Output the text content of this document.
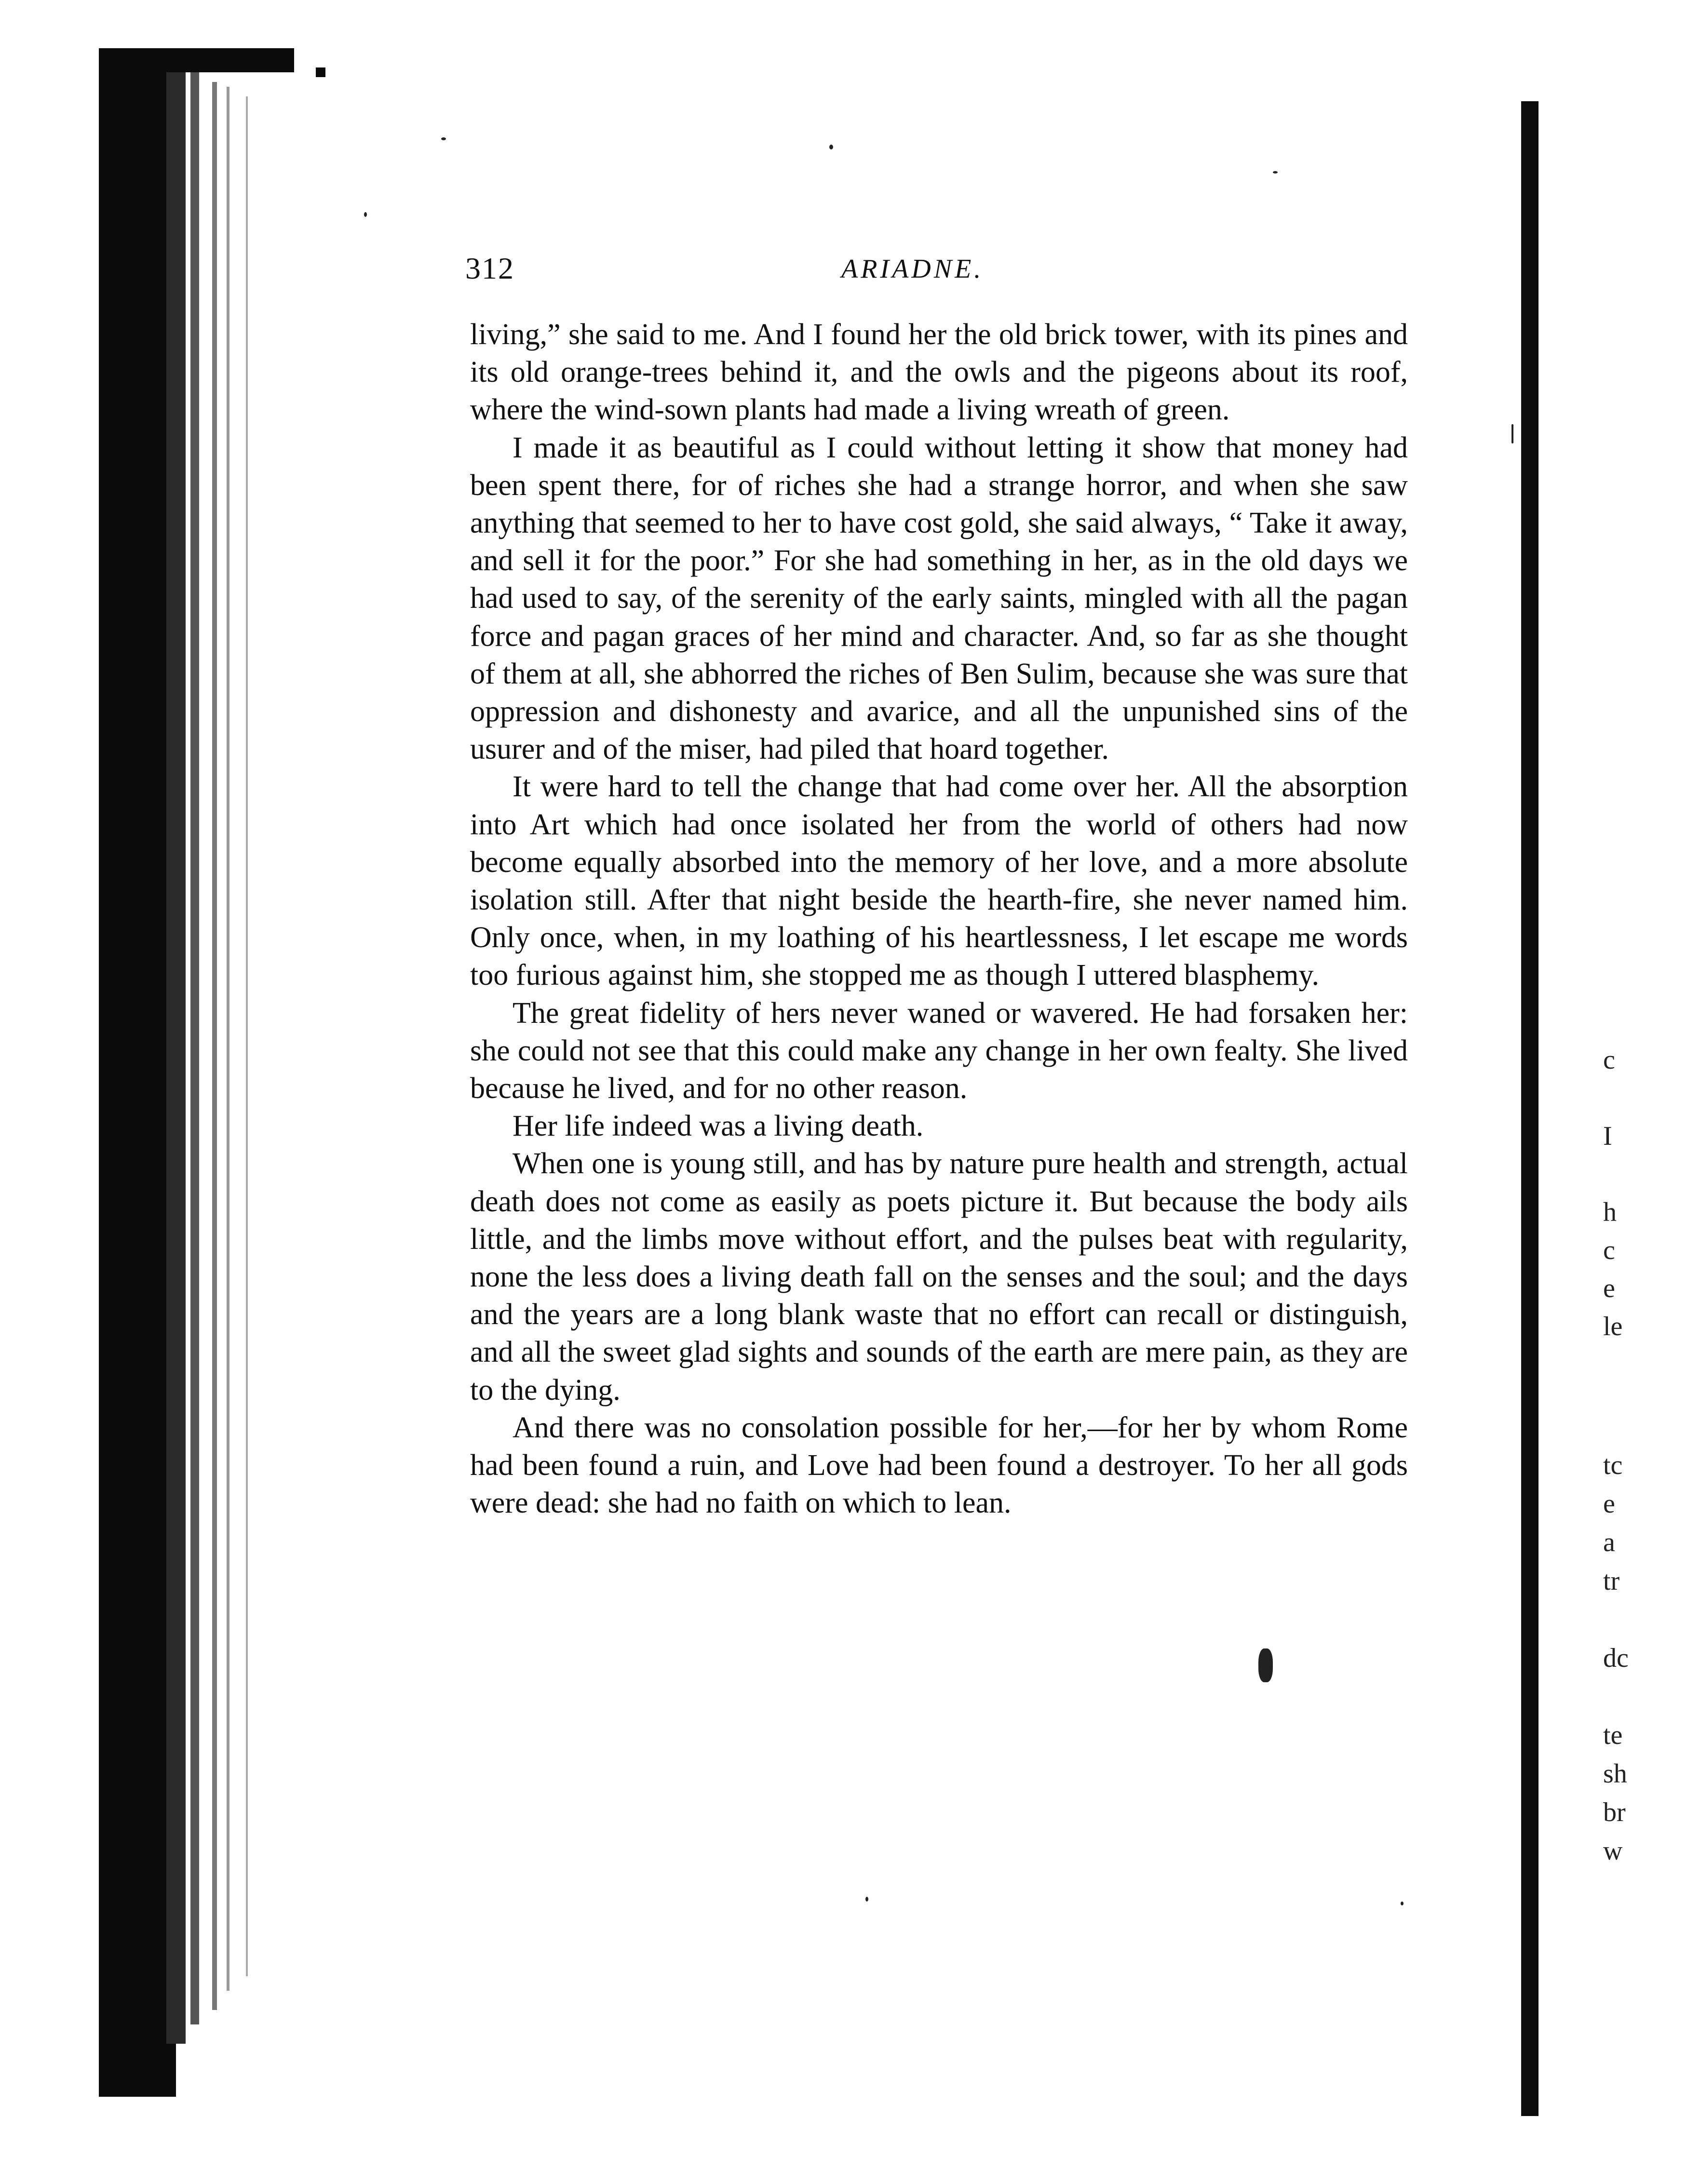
c

I

h
c
e
le
tc
e
a
tr

dc

te
sh
br
w
312	ARIADNE.

living,” she said to me. And I found her the old brick tower, with its pines and its old orange-trees behind it, and the owls and the pigeons about its roof, where the wind-sown plants had made a living wreath of green.

I made it as beautiful as I could without letting it show that money had been spent there, for of riches she had a strange horror, and when she saw anything that seemed to her to have cost gold, she said always, “ Take it away, and sell it for the poor.” For she had something in her, as in the old days we had used to say, of the serenity of the early saints, mingled with all the pagan force and pagan graces of her mind and character. And, so far as she thought of them at all, she abhorred the riches of Ben Sulim, because she was sure that oppression and dishonesty and avarice, and all the unpunished sins of the usurer and of the miser, had piled that hoard together.

It were hard to tell the change that had come over her. All the absorption into Art which had once isolated her from the world of others had now become equally absorbed into the memory of her love, and a more absolute isolation still. After that night beside the hearth-fire, she never named him. Only once, when, in my loathing of his heartlessness, I let escape me words too furious against him, she stopped me as though I uttered blasphemy.

The great fidelity of hers never waned or wavered. He had forsaken her: she could not see that this could make any change in her own fealty. She lived because he lived, and for no other reason.

Her life indeed was a living death.

When one is young still, and has by nature pure health and strength, actual death does not come as easily as poets picture it. But because the body ails little, and the limbs move without effort, and the pulses beat with regularity, none the less does a living death fall on the senses and the soul; and the days and the years are a long blank waste that no effort can recall or distinguish, and all the sweet glad sights and sounds of the earth are mere pain, as they are to the dying.

And there was no consolation possible for her,—for her by whom Rome had been found a ruin, and Love had been found a destroyer. To her all gods were dead: she had no faith on which to lean.
